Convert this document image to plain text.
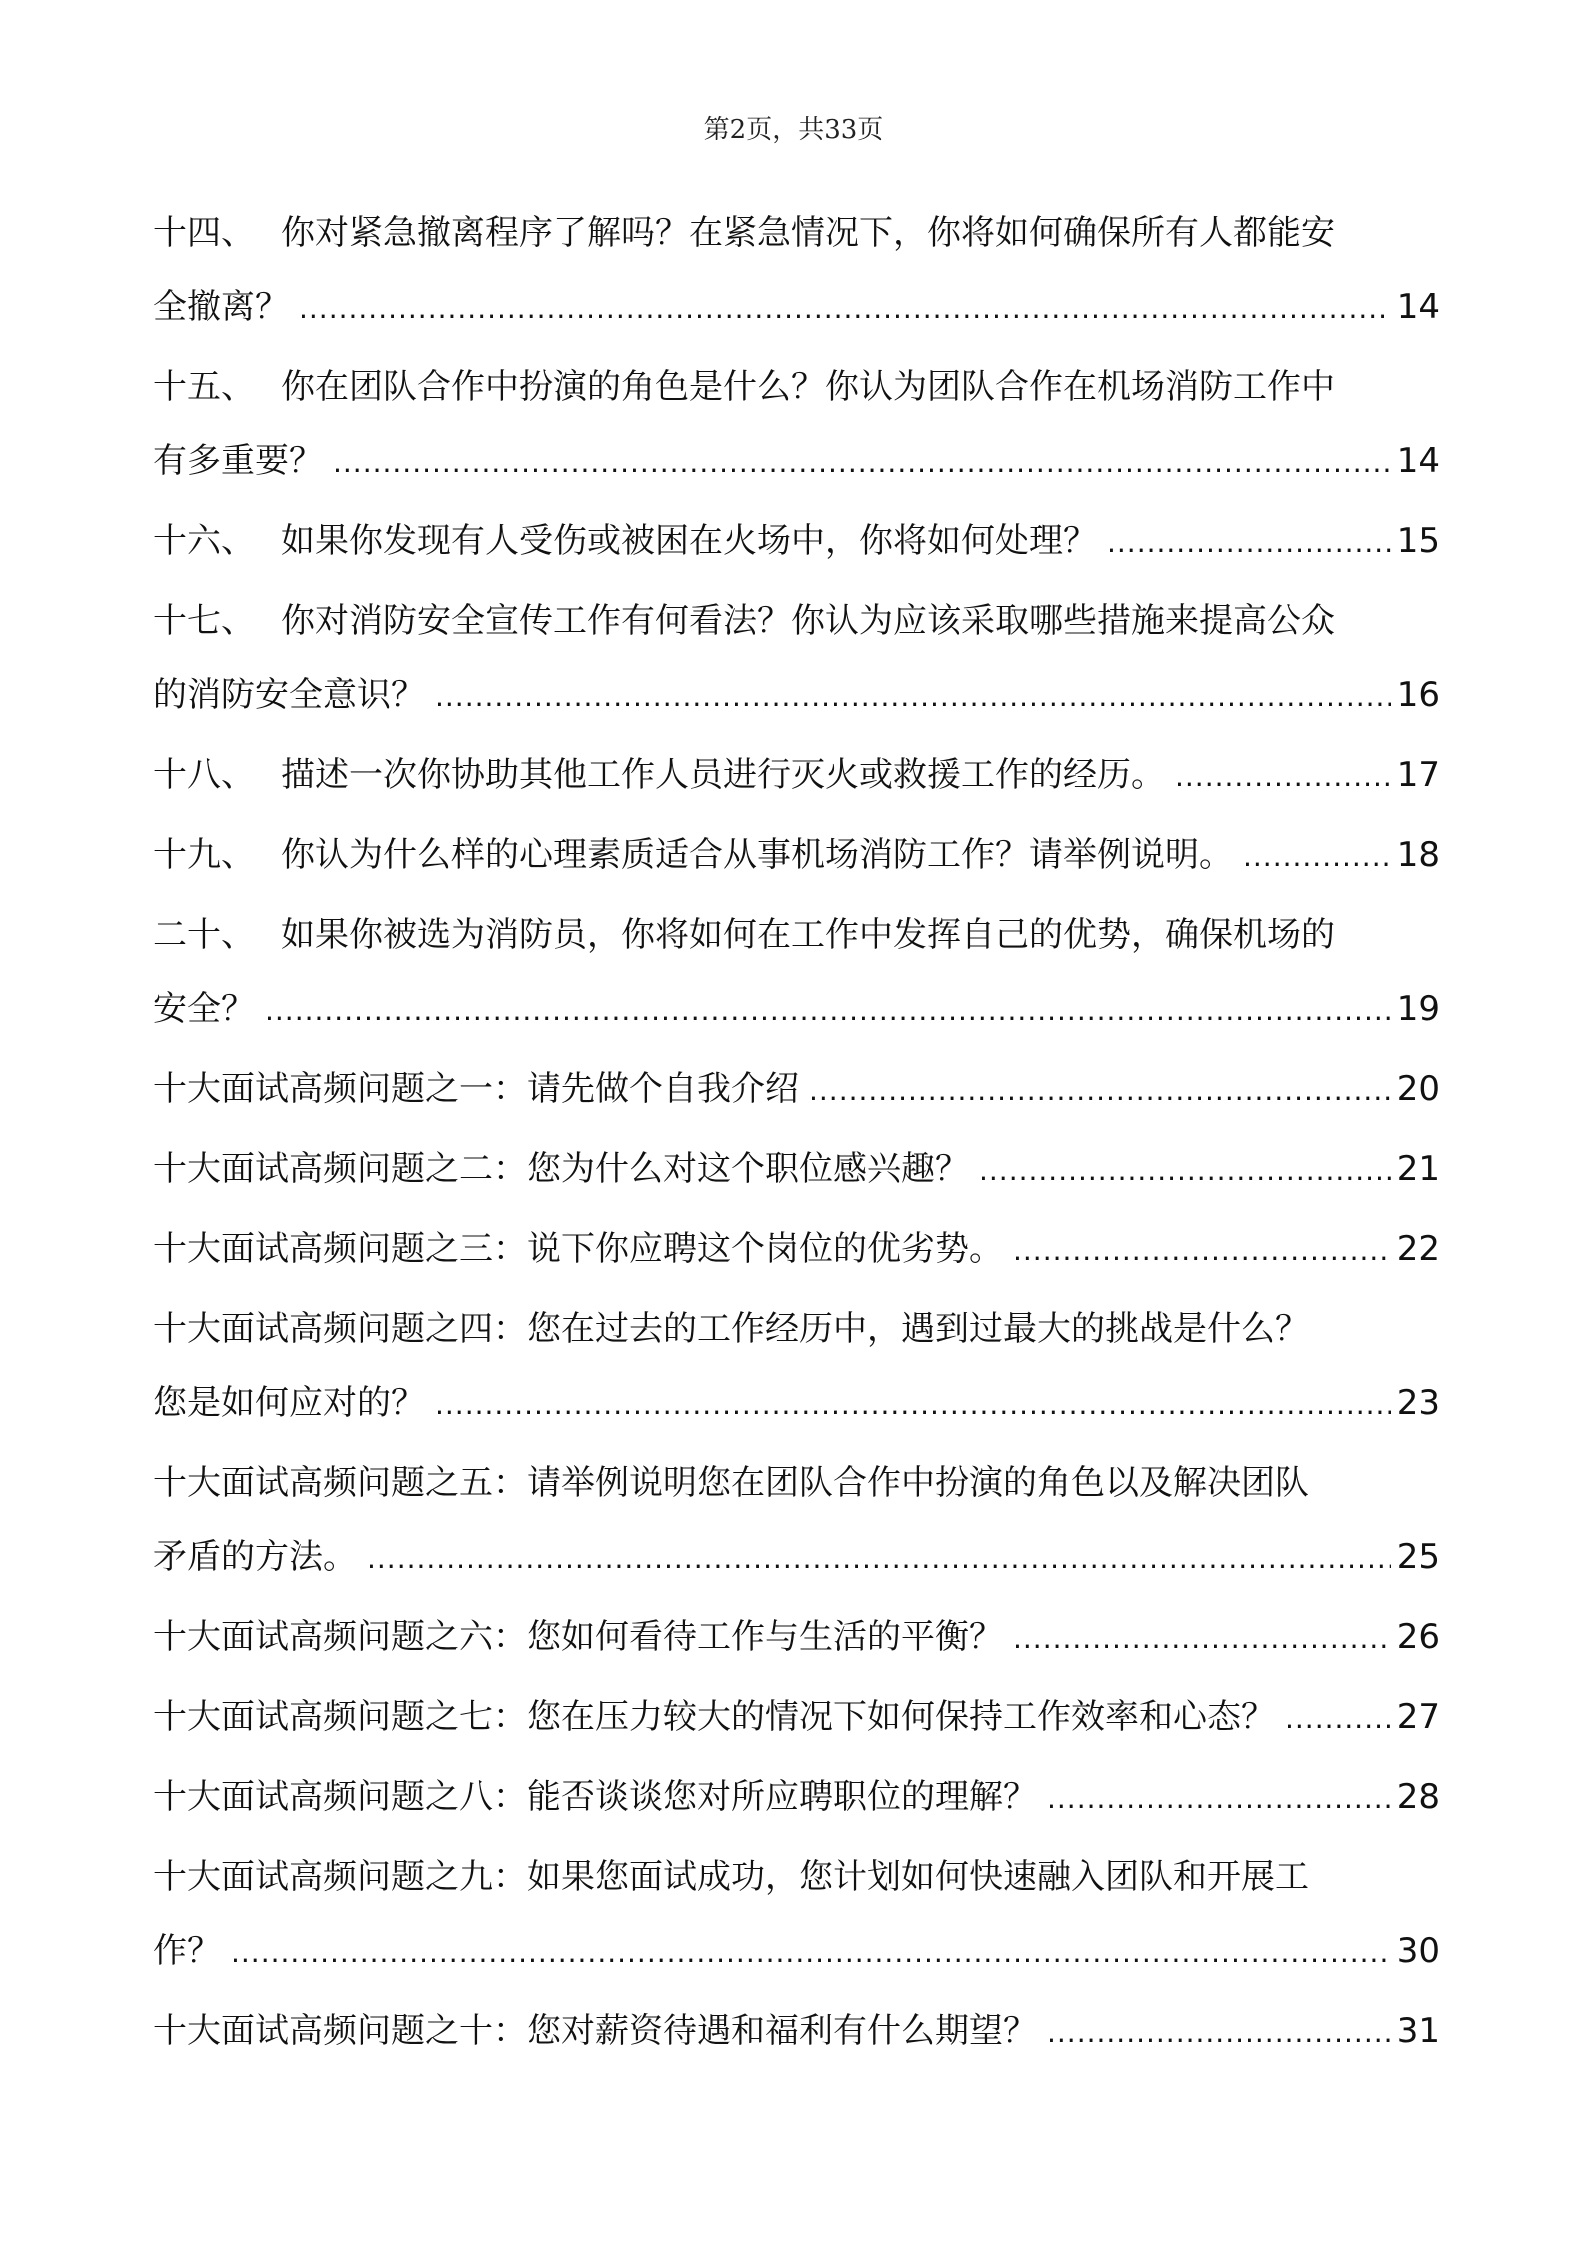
第2页，共33页
十四、 你对紧急撤离程序了解吗？在紧急情况下，你将如何确保所有人都能安
全撤离？ .....	14
十五、 你在团队合作中扮演的角色是什么？你认为团队合作在机场消防工作中
有多重要？ .....	14
十六、 如果你发现有人受伤或被困在火场中，你将如何处理？ .....	15
十七、 你对消防安全宣传工作有何看法？你认为应该采取哪些措施来提高公众
的消防安全意识？ .....	16
十八、 描述一次你协助其他工作人员进行灭火或救援工作的经历。 .....	17
十九、 你认为什么样的心理素质适合从事机场消防工作？请举例说明。 .....	18
二十、 如果你被选为消防员，你将如何在工作中发挥自己的优势，确保机场的
安全？ .....	19
十大面试高频问题之一：请先做个自我介绍 .....	20
十大面试高频问题之二：您为什么对这个职位感兴趣？ .....	21
十大面试高频问题之三：说下你应聘这个岗位的优劣势。 .....	22
十大面试高频问题之四：您在过去的工作经历中，遇到过最大的挑战是什么？
您是如何应对的？ .....	23
十大面试高频问题之五：请举例说明您在团队合作中扮演的角色以及解决团队
矛盾的方法。 .....	25
十大面试高频问题之六：您如何看待工作与生活的平衡？ .....	26
十大面试高频问题之七：您在压力较大的情况下如何保持工作效率和心态？ .....	27
十大面试高频问题之八：能否谈谈您对所应聘职位的理解？ .....	28
十大面试高频问题之九：如果您面试成功，您计划如何快速融入团队和开展工
作？ .....	30
十大面试高频问题之十：您对薪资待遇和福利有什么期望？ .....	31
